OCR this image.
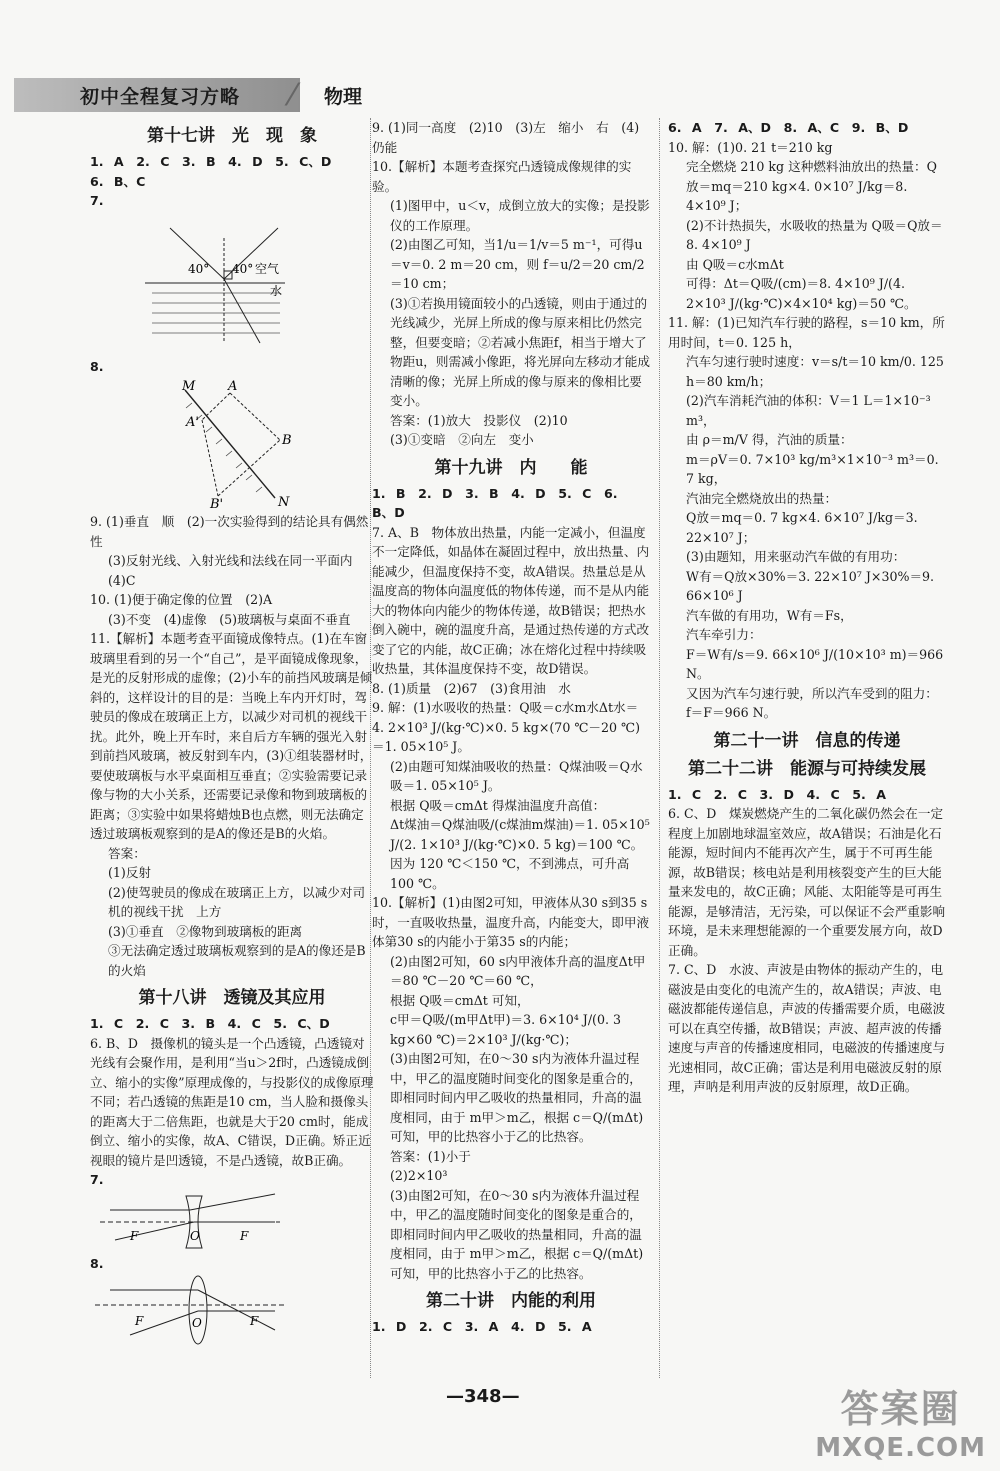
初中全程复习方略 ⁄ 物理
第十七讲　光　现　象

1. A　2. C　3. B　4. D　5. C、D

6. B、C

7.

40° 40° 空气
水

8.

M	A
B
A'
B'	N

9. (1)垂直　顺　(2)一次实验得到的结论具有偶然性

(3)反射光线、入射光线和法线在同一平面内　(4)C

10. (1)便于确定像的位置　(2)A

(3)不变　(4)虚像　(5)玻璃板与桌面不垂直

11.【解析】本题考查平面镜成像特点。(1)在车窗玻璃里看到的另一个“自己”，是平面镜成像现象，是光的反射形成的虚像；(2)小车的前挡风玻璃是倾斜的，这样设计的目的是：当晚上车内开灯时，驾驶员的像成在玻璃正上方，以减少对司机的视线干扰。此外，晚上开车时，来自后方车辆的强光入射到前挡风玻璃，被反射到车内，(3)①组装器材时，要使玻璃板与水平桌面相互垂直；②实验需要记录像与物的大小关系，还需要记录像和物到玻璃板的距离；③实验中如果将蜡烛B也点燃，则无法确定透过玻璃板观察到的是A的像还是B的火焰。

答案：

(1)反射

(2)使驾驶员的像成在玻璃正上方，以减少对司机的视线干扰　上方

(3)①垂直　②像物到玻璃板的距离

③无法确定透过玻璃板观察到的是A的像还是B的火焰

第十八讲　透镜及其应用

1. C　2. C　3. B　4. C　5. C、D

6. B、D　摄像机的镜头是一个凸透镜，凸透镜对光线有会聚作用，是利用“当u＞2f时，凸透镜成倒立、缩小的实像”原理成像的，与投影仪的成像原理不同；若凸透镜的焦距是10 cm，当人脸和摄像头的距离大于二倍焦距，也就是大于20 cm时，能成倒立、缩小的实像，故A、C错误，D正确。矫正近视眼的镜片是凹透镜，不是凸透镜，故B正确。

7.

F	O	F

8.

F	O	F

9. (1)同一高度　(2)10　(3)左　缩小　右　(4)仍能

10.【解析】本题考查探究凸透镜成像规律的实验。

(1)图甲中，u＜v，成倒立放大的实像；是投影仪的工作原理。

(2)由图乙可知，当1/u＝1/v＝5 m⁻¹，可得u＝v＝0. 2 m＝20 cm，则 f＝u/2＝20 cm/2＝10 cm；

(3)①若换用镜面较小的凸透镜，则由于通过的光线减少，光屏上所成的像与原来相比仍然完整，但要变暗；②若减小焦距f，相当于增大了物距u，则需减小像距，将光屏向左移动才能成清晰的像；光屏上所成的像与原来的像相比要变小。

答案：(1)放大　投影仪　(2)10

(3)①变暗　②向左　变小

第十九讲　内　　能

1. B　2. D　3. B　4. D　5. C　6. B、D

7. A、B　物体放出热量，内能一定减小，但温度不一定降低，如晶体在凝固过程中，放出热量、内能减少，但温度保持不变，故A错误。热量总是从温度高的物体向温度低的物体传递，而不是从内能大的物体向内能少的物体传递，故B错误；把热水倒入碗中，碗的温度升高，是通过热传递的方式改变了它的内能，故C正确；冰在熔化过程中持续吸收热量，其体温度保持不变，故D错误。

8. (1)质量　(2)67　(3)食用油　水

9. 解：(1)水吸收的热量：Q吸＝c水m水Δt水＝4. 2×10³ J/(kg·℃)×0. 5 kg×(70 ℃－20 ℃)＝1. 05×10⁵ J。

(2)由题可知煤油吸收的热量：Q煤油吸＝Q水吸＝1. 05×10⁵ J。

根据 Q吸＝cmΔt 得煤油温度升高值：

Δt煤油＝Q煤油吸/(c煤油m煤油)＝1. 05×10⁵ J/(2. 1×10³ J/(kg·℃)×0. 5 kg)＝100 ℃。

因为 120 ℃＜150 ℃，不到沸点，可升高 100 ℃。

10.【解析】(1)由图2可知，甲液体从30 s到35 s时，一直吸收热量，温度升高，内能变大，即甲液体第30 s的内能小于第35 s的内能；

(2)由图2可知，60 s内甲液体升高的温度Δt甲＝80 ℃－20 ℃＝60 ℃，

根据 Q吸＝cmΔt 可知，

c甲＝Q吸/(m甲Δt甲)＝3. 6×10⁴ J/(0. 3 kg×60 ℃)＝2×10³ J/(kg·℃)；

(3)由图2可知，在0～30 s内为液体升温过程中，甲乙的温度随时间变化的图象是重合的，即相同时间内甲乙吸收的热量相同，升高的温度相同，由于 m甲＞m乙，根据 c＝Q/(mΔt) 可知，甲的比热容小于乙的比热容。

答案：(1)小于

(2)2×10³

(3)由图2可知，在0～30 s内为液体升温过程中，甲乙的温度随时间变化的图象是重合的，即相同时间内甲乙吸收的热量相同，升高的温度相同，由于 m甲＞m乙，根据 c＝Q/(mΔt) 可知，甲的比热容小于乙的比热容。

第二十讲　内能的利用

1. D　2. C　3. A　4. D　5. A

6. A　7. A、D　8. A、C　9. B、D

10. 解：(1)0. 21 t＝210 kg

完全燃烧 210 kg 这种燃料油放出的热量：Q放＝mq＝210 kg×4. 0×10⁷ J/kg＝8. 4×10⁹ J；

(2)不计热损失，水吸收的热量为 Q吸＝Q放＝8. 4×10⁹ J

由 Q吸＝c水mΔt

可得：Δt＝Q吸/(cm)＝8. 4×10⁹ J/(4. 2×10³ J/(kg·℃)×4×10⁴ kg)＝50 ℃。

11. 解：(1)已知汽车行驶的路程，s＝10 km，所用时间，t＝0. 125 h，

汽车匀速行驶时速度：v＝s/t＝10 km/0. 125 h＝80 km/h；

(2)汽车消耗汽油的体积：V＝1 L＝1×10⁻³ m³，

由 ρ＝m/V 得，汽油的质量：

m＝ρV＝0. 7×10³ kg/m³×1×10⁻³ m³＝0. 7 kg，

汽油完全燃烧放出的热量：

Q放＝mq＝0. 7 kg×4. 6×10⁷ J/kg＝3. 22×10⁷ J；

(3)由题知，用来驱动汽车做的有用功：

W有＝Q放×30%＝3. 22×10⁷ J×30%＝9. 66×10⁶ J

汽车做的有用功，W有＝Fs，

汽车牵引力：

F＝W有/s＝9. 66×10⁶ J/(10×10³ m)＝966 N。

又因为汽车匀速行驶，所以汽车受到的阻力：

f＝F＝966 N。

第二十一讲　信息的传递
第二十二讲　能源与可持续发展

1. C　2. C　3. D　4. C　5. A

6. C、D　煤炭燃烧产生的二氧化碳仍然会在一定程度上加剧地球温室效应，故A错误；石油是化石能源，短时间内不能再次产生，属于不可再生能源，故B错误；核电站是利用核裂变产生的巨大能量来发电的，故C正确；风能、太阳能等是可再生能源，是够清洁，无污染，可以保证不会严重影响环境，是未来理想能源的一个重要发展方向，故D正确。

7. C、D　水波、声波是由物体的振动产生的，电磁波是由变化的电流产生的，故A错误；声波、电磁波都能传递信息，声波的传播需要介质，电磁波可以在真空传播，故B错误；声波、超声波的传播速度与声音的传播速度相同，电磁波的传播速度与光速相同，故C正确；雷达是利用电磁波反射的原理，声呐是利用声波的反射原理，故D正确。

—348—	答案圈
MXQE.COM
